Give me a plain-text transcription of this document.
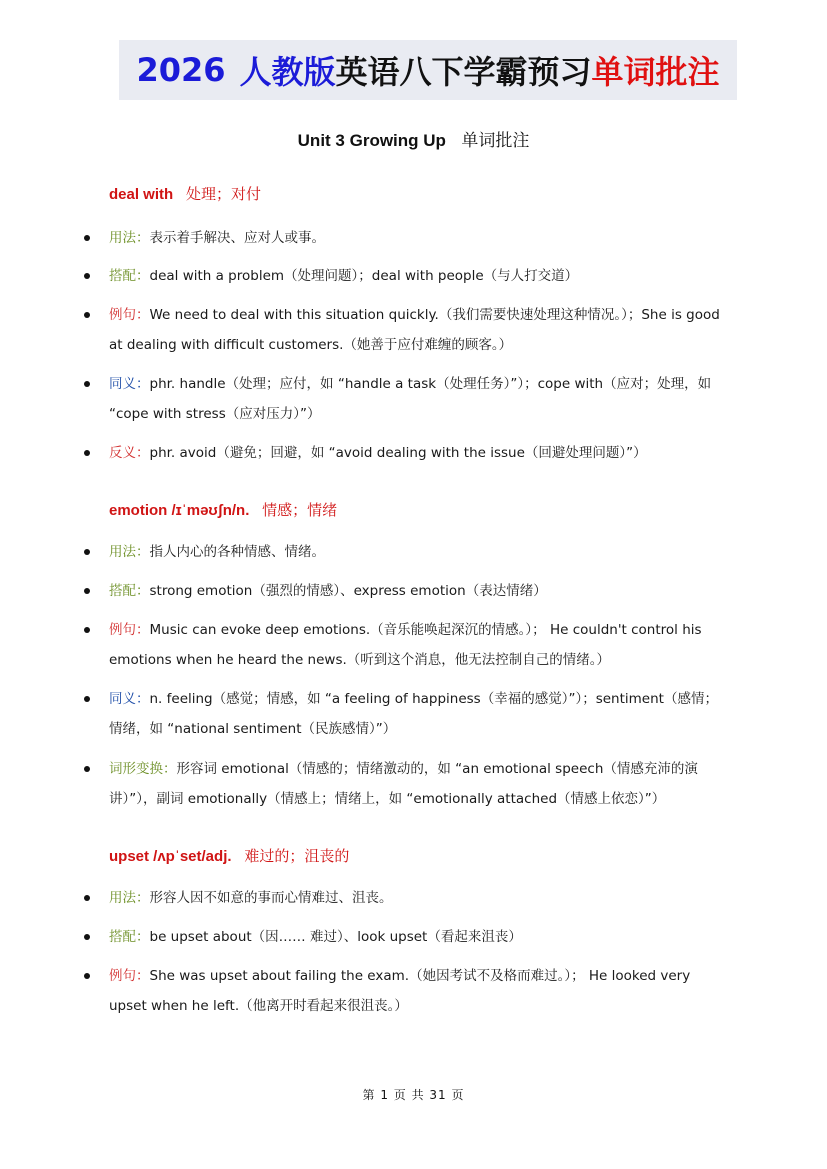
2026 人教版 英语八下学霸预习 单词批注
Unit 3 Growing Up 单词批注
deal with 处理；对付
用法：表示着手解决、应对人或事。
搭配：deal with a problem（处理问题）；deal with people（与人打交道）
例句：We need to deal with this situation quickly.（我们需要快速处理这种情况。）；She is good at dealing with difficult customers.（她善于应付难缠的顾客。）
同义：phr. handle（处理；应付，如 “handle a task（处理任务）”）；cope with（应对；处理，如 “cope with stress（应对压力）”）
反义：phr. avoid（避免；回避，如 “avoid dealing with the issue（回避处理问题）”）
emotion /ɪˈməʊʃn/n. 情感；情绪
用法：指人内心的各种情感、情绪。
搭配：strong emotion（强烈的情感）、express emotion（表达情绪）
例句：Music can evoke deep emotions.（音乐能唤起深沉的情感。）； He couldn't control his emotions when he heard the news.（听到这个消息，他无法控制自己的情绪。）
同义：n. feeling（感觉；情感，如 “a feeling of happiness（幸福的感觉）”）；sentiment（感情；情绪，如 “national sentiment（民族感情）”）
词形变换：形容词 emotional（情感的；情绪激动的，如 “an emotional speech（情感充沛的演讲）”），副词 emotionally（情感上；情绪上，如 “emotionally attached（情感上依恋）”）
upset /ʌpˈset/adj. 难过的；沮丧的
用法：形容人因不如意的事而心情难过、沮丧。
搭配：be upset about（因…… 难过）、look upset（看起来沮丧）
例句：She was upset about failing the exam.（她因考试不及格而难过。）； He looked very upset when he left.（他离开时看起来很沮丧。）
第 1 页 共 31 页
